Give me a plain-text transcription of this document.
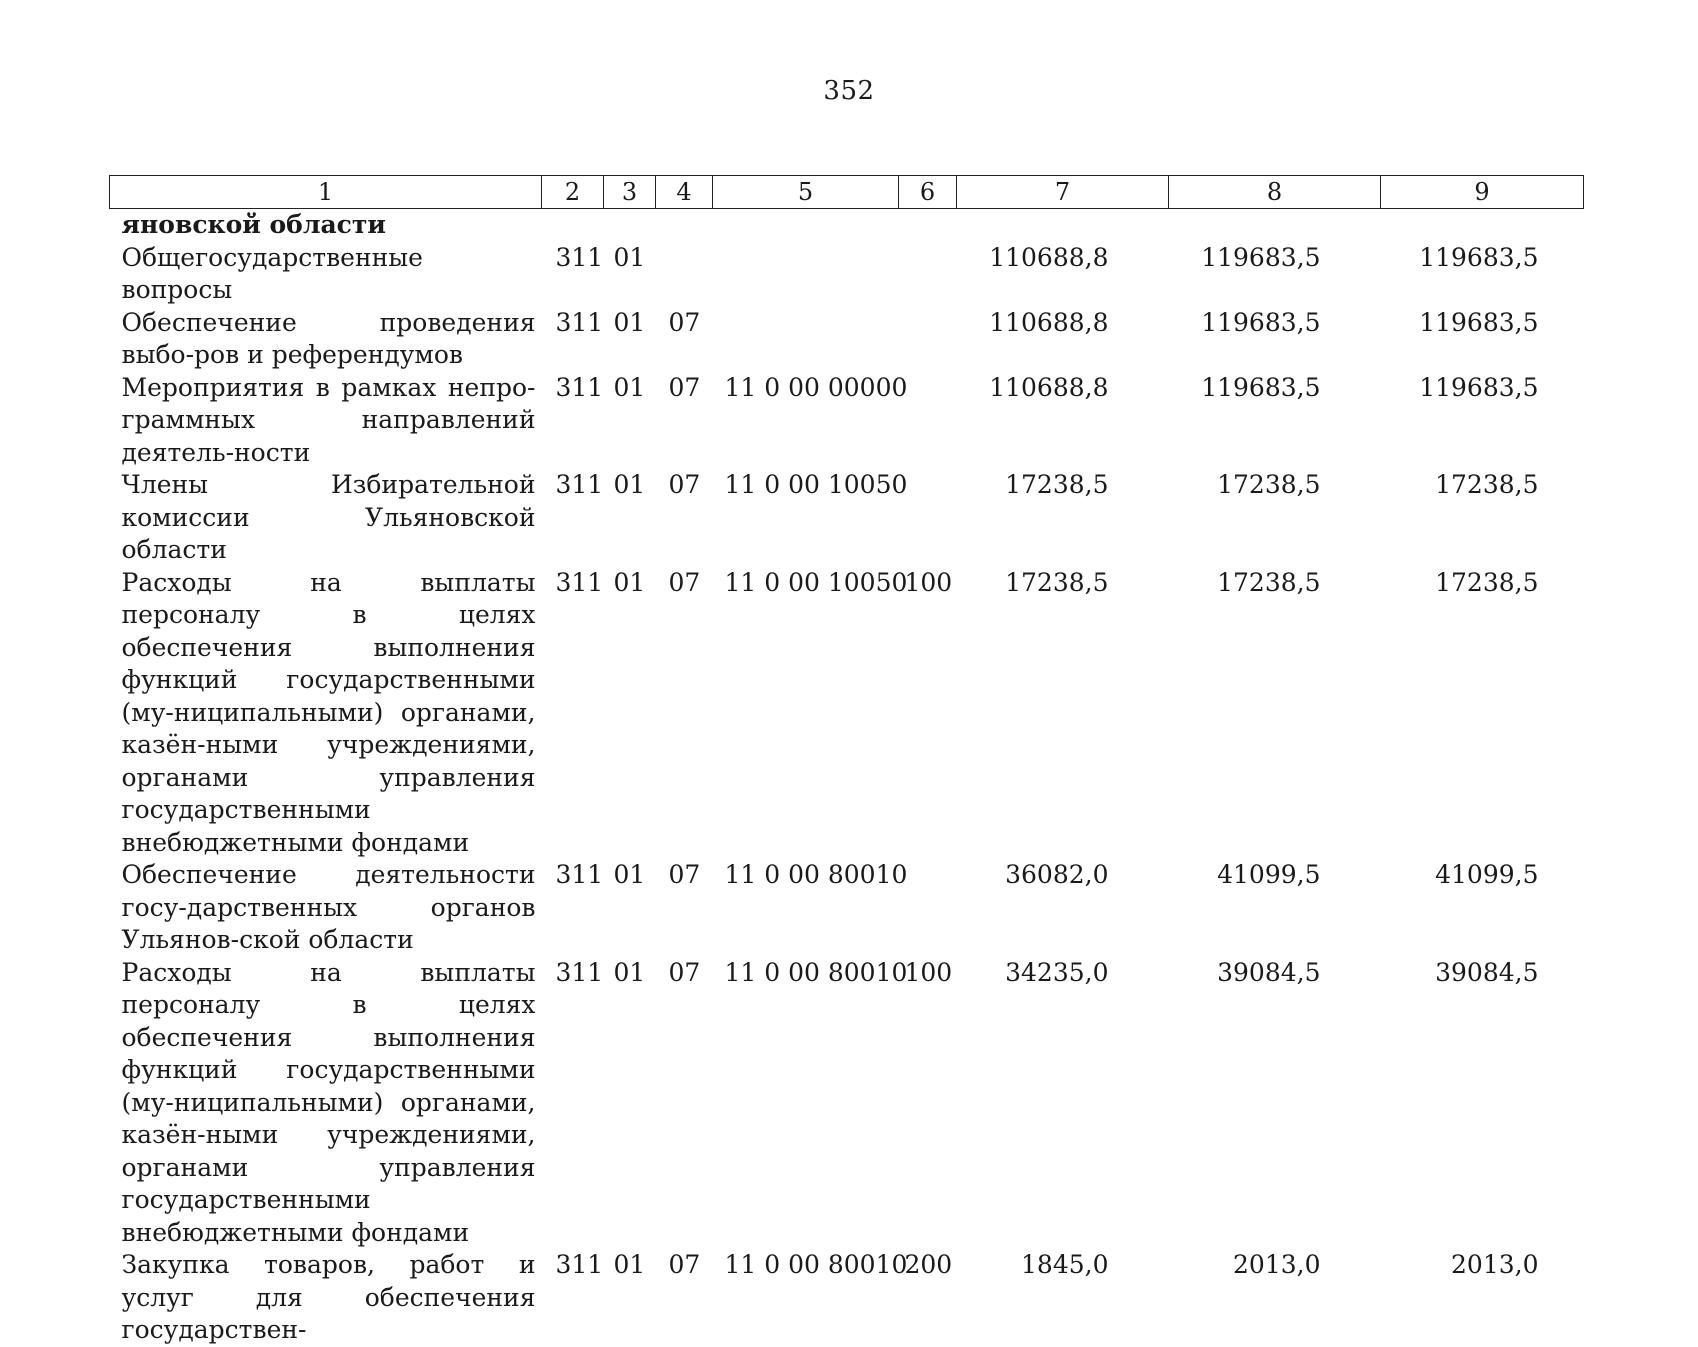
352
1	2	3	4	5	6	7	8	9
яновской области								
Общегосударственные вопросы	311	01				110688,8	119683,5	119683,5
Обеспечение проведения выбо-ров и референдумов	311	01	07			110688,8	119683,5	119683,5
Мероприятия в рамках непро-граммных направлений деятель-ности	311	01	07	11 0 00 00000		110688,8	119683,5	119683,5
Члены Избирательной комиссии Ульяновской области	311	01	07	11 0 00 10050		17238,5	17238,5	17238,5
Расходы на выплаты персоналу в целях обеспечения выполнения функций государственными (му-ниципальными) органами, казён-ными учреждениями, органами управления государственными внебюджетными фондами	311	01	07	11 0 00 10050	100	17238,5	17238,5	17238,5
Обеспечение деятельности госу-дарственных органов Ульянов-ской области	311	01	07	11 0 00 80010		36082,0	41099,5	41099,5
Расходы на выплаты персоналу в целях обеспечения выполнения функций государственными (му-ниципальными) органами, казён-ными учреждениями, органами управления государственными внебюджетными фондами	311	01	07	11 0 00 80010	100	34235,0	39084,5	39084,5
Закупка товаров, работ и услуг для обеспечения государствен-	311	01	07	11 0 00 80010	200	1845,0	2013,0	2013,0
